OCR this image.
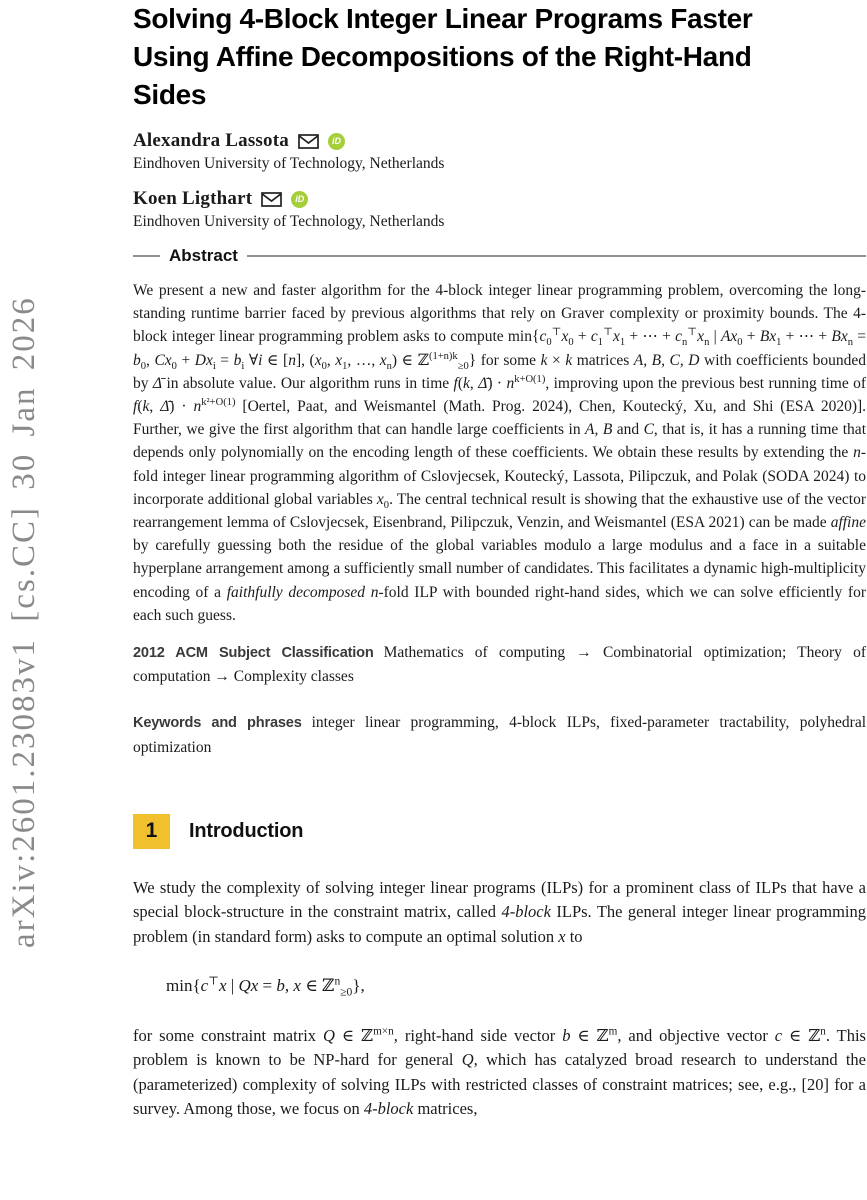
arXiv:2601.23083v1 [cs.CC] 30 Jan 2026
Solving 4-Block Integer Linear Programs Faster
Using Affine Decompositions of the Right-Hand
Sides
Alexandra Lassota	iD
Eindhoven University of Technology, Netherlands
Koen Ligthart	iD
Eindhoven University of Technology, Netherlands
Abstract

We present a new and faster algorithm for the 4-block integer linear programming problem, overcoming the long-standing runtime barrier faced by previous algorithms that rely on Graver complexity or proximity bounds. The 4-block integer linear programming problem asks to compute $\min\{c_0^⊤x_0 + c_1^⊤x_1$ + ⋯ + $c_n^⊤x_n$ | $Ax_0 + Bx_1$ + ⋯ + $Bx_n = b_0$, $Cx_0 + Dx_i = b_i$ ∀i ∈ [n], ($x_0$, $x_1$, …, $x_n$) ∈ ℤ$^{(1+n)k}_{\ge 0}$} for some k × k matrices A, B, C, D with coefficients bounded by Δ̄ in absolute value. Our algorithm runs in time f(k, Δ̄) · $n^{k+O(1)}$, improving upon the previous best running time of f(k, Δ̄) · $n^{k^2+O(1)}$ [Oertel, Paat, and Weismantel (Math. Prog. 2024), Chen, Koutecký, Xu, and Shi (ESA 2020)]. Further, we give the first algorithm that can handle large coefficients in A, B and C, that is, it has a running time that depends only polynomially on the encoding length of these coefficients. We obtain these results by extending the n-fold integer linear programming algorithm of Cslovjecsek, Koutecký, Lassota, Pilipczuk, and Polak (SODA 2024) to incorporate additional global variables $x_0$. The central technical result is showing that the exhaustive use of the vector rearrangement lemma of Cslovjecsek, Eisenbrand, Pilipczuk, Venzin, and Weismantel (ESA 2021) can be made affine by carefully guessing both the residue of the global variables modulo a large modulus and a face in a suitable hyperplane arrangement among a sufficiently small number of candidates. This facilitates a dynamic high-multiplicity encoding of a faithfully decomposed n-fold ILP with bounded right-hand sides, which we can solve efficiently for each such guess.

2012 ACM Subject Classification Mathematics of computing → Combinatorial optimization; Theory of computation → Complexity classes

Keywords and phrases integer linear programming, 4-block ILPs, fixed-parameter tractability, polyhedral optimization

1	Introduction

We study the complexity of solving integer linear programs (ILPs) for a prominent class of ILPs that have a special block-structure in the constraint matrix, called 4-block ILPs. The general integer linear programming problem (in standard form) asks to compute an optimal solution x to

min{c⊤x | Qx = b, x ∈ ℤ$^n_{\ge 0}$},

for some constraint matrix Q ∈ ℤ$^{m\times n}$, right-hand side vector b ∈ ℤ$^m$, and objective vector c ∈ ℤ$^n$. This problem is known to be NP-hard for general Q, which has catalyzed broad research to understand the (parameterized) complexity of solving ILPs with restricted classes of constraint matrices; see, e.g., [20] for a survey. Among those, we focus on 4-block matrices,
